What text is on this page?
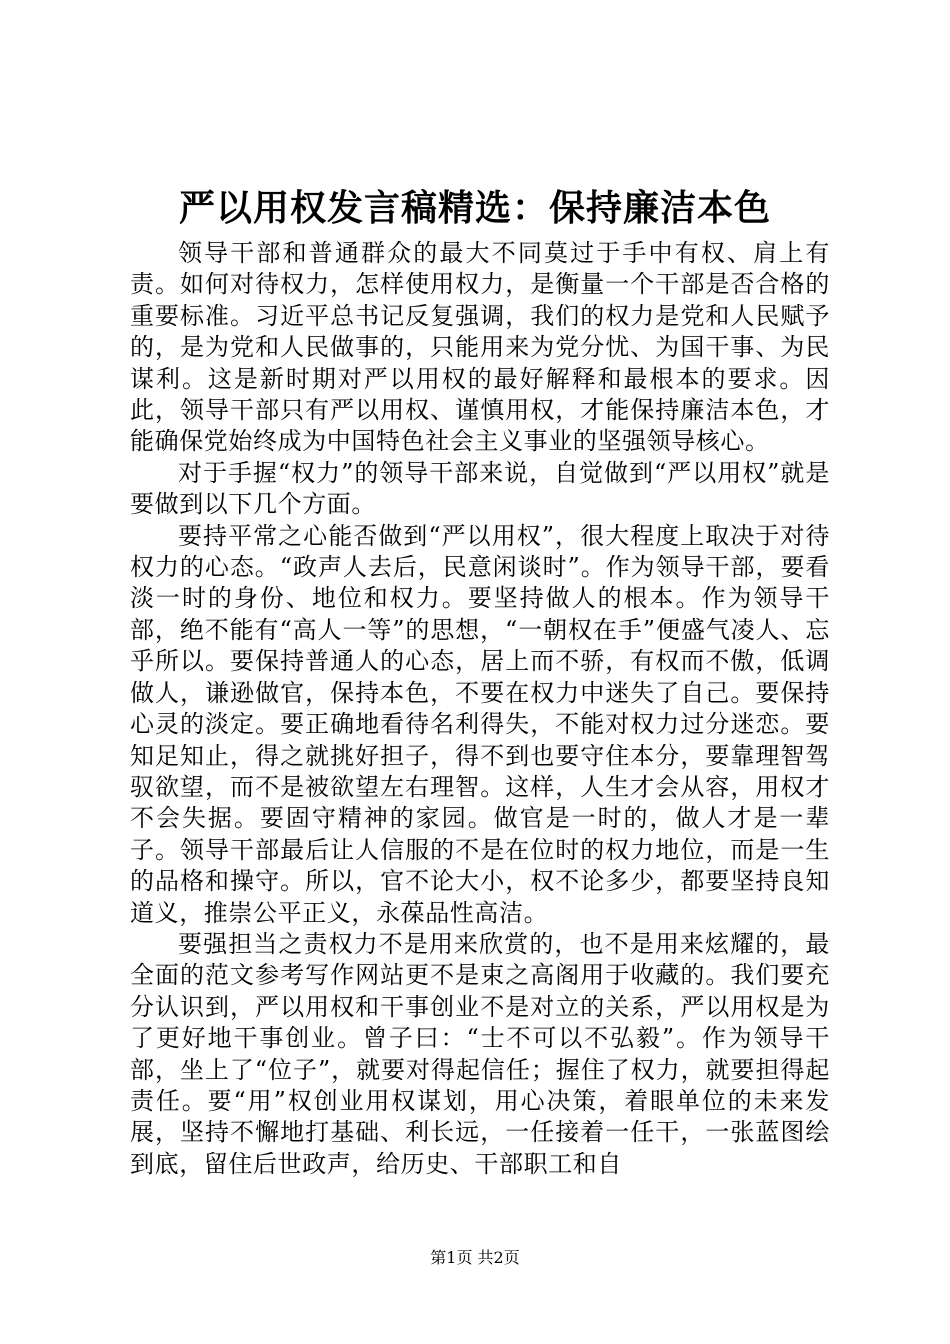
严以用权发言稿精选：保持廉洁本色

领导干部和普通群众的最大不同莫过于手中有权、肩上有责。如何对待权力，怎样使用权力，是衡量一个干部是否合格的重要标准。习近平总书记反复强调，我们的权力是党和人民赋予的，是为党和人民做事的，只能用来为党分忧、为国干事、为民谋利。这是新时期对严以用权的最好解释和最根本的要求。因此，领导干部只有严以用权、谨慎用权，才能保持廉洁本色，才能确保党始终成为中国特色社会主义事业的坚强领导核心。

对于手握“权力”的领导干部来说，自觉做到“严以用权”就是要做到以下几个方面。

要持平常之心能否做到“严以用权”，很大程度上取决于对待权力的心态。“政声人去后，民意闲谈时”。作为领导干部，要看淡一时的身份、地位和权力。要坚持做人的根本。作为领导干部，绝不能有“高人一等”的思想，“一朝权在手”便盛气凌人、忘乎所以。要保持普通人的心态，居上而不骄，有权而不傲，低调做人，谦逊做官，保持本色，不要在权力中迷失了自己。要保持心灵的淡定。要正确地看待名利得失，不能对权力过分迷恋。要知足知止，得之就挑好担子，得不到也要守住本分，要靠理智驾驭欲望，而不是被欲望左右理智。这样，人生才会从容，用权才不会失据。要固守精神的家园。做官是一时的，做人才是一辈子。领导干部最后让人信服的不是在位时的权力地位，而是一生的品格和操守。所以，官不论大小，权不论多少，都要坚持良知道义，推崇公平正义，永葆品性高洁。

要强担当之责权力不是用来欣赏的，也不是用来炫耀的，最全面的范文参考写作网站更不是束之高阁用于收藏的。我们要充分认识到，严以用权和干事创业不是对立的关系，严以用权是为了更好地干事创业。曾子曰：“士不可以不弘毅”。作为领导干部，坐上了“位子”，就要对得起信任；握住了权力，就要担得起责任。要“用”权创业用权谋划，用心决策，着眼单位的未来发展，坚持不懈地打基础、利长远，一任接着一任干，一张蓝图绘到底，留住后世政声，给历史、干部职工和自

第1页 共2页
